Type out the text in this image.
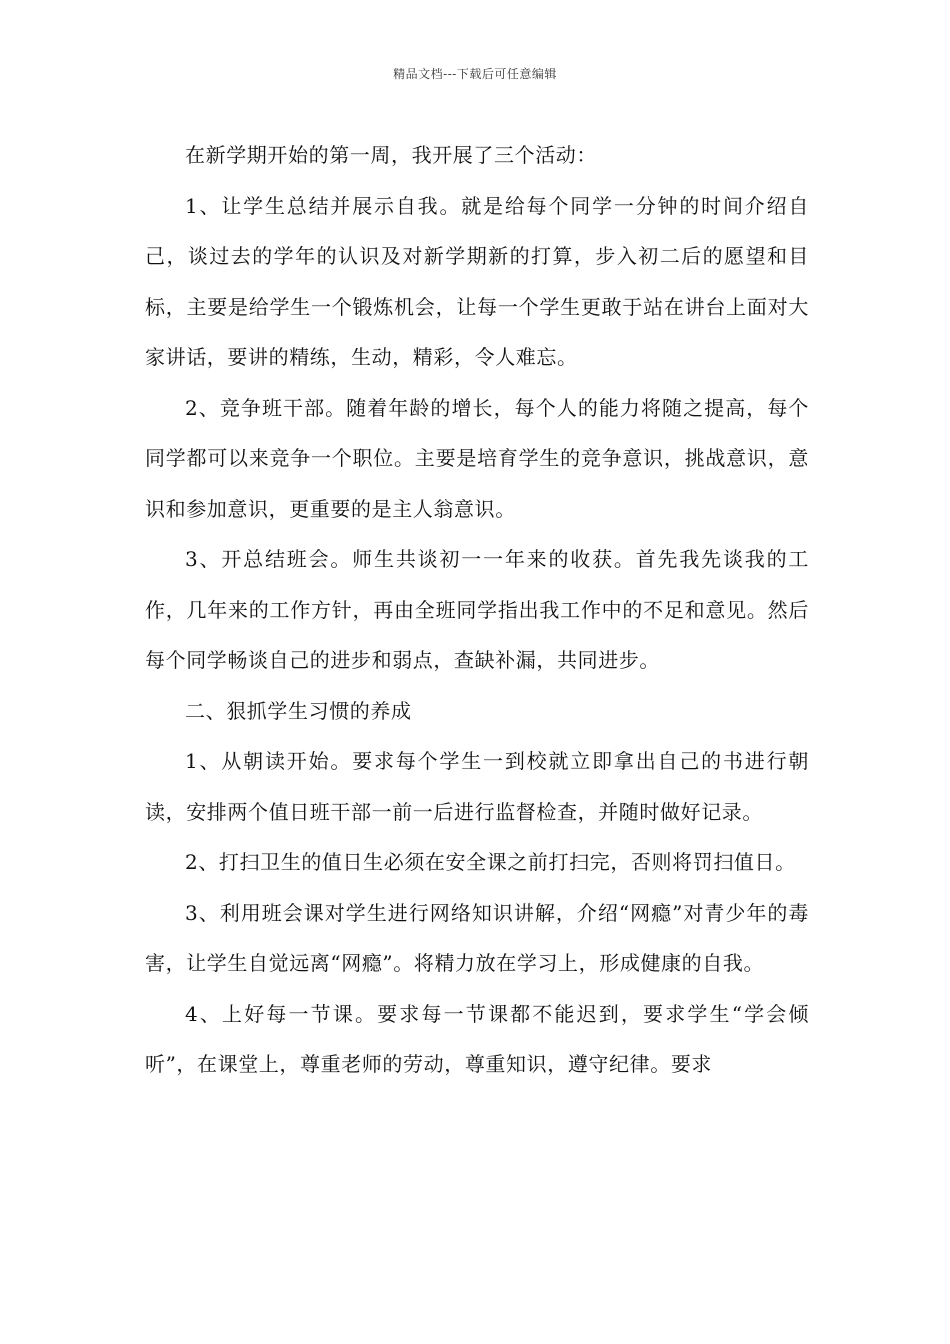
精品文档---下载后可任意编辑

在新学期开始的第一周，我开展了三个活动：

1、让学生总结并展示自我。就是给每个同学一分钟的时间介绍自己，谈过去的学年的认识及对新学期新的打算，步入初二后的愿望和目标，主要是给学生一个锻炼机会，让每一个学生更敢于站在讲台上面对大家讲话，要讲的精练，生动，精彩，令人难忘。

2、竞争班干部。随着年龄的增长，每个人的能力将随之提高，每个同学都可以来竞争一个职位。主要是培育学生的竞争意识，挑战意识，意识和参加意识，更重要的是主人翁意识。

3、开总结班会。师生共谈初一一年来的收获。首先我先谈我的工作，几年来的工作方针，再由全班同学指出我工作中的不足和意见。然后每个同学畅谈自己的进步和弱点，查缺补漏，共同进步。

二、狠抓学生习惯的养成

1、从朝读开始。要求每个学生一到校就立即拿出自己的书进行朝读，安排两个值日班干部一前一后进行监督检查，并随时做好记录。

2、打扫卫生的值日生必须在安全课之前打扫完，否则将罚扫值日。

3、利用班会课对学生进行网络知识讲解，介绍“网瘾”对青少年的毒害，让学生自觉远离“网瘾”。将精力放在学习上，形成健康的自我。

4、上好每一节课。要求每一节课都不能迟到，要求学生“学会倾听”，在课堂上，尊重老师的劳动，尊重知识，遵守纪律。要求
